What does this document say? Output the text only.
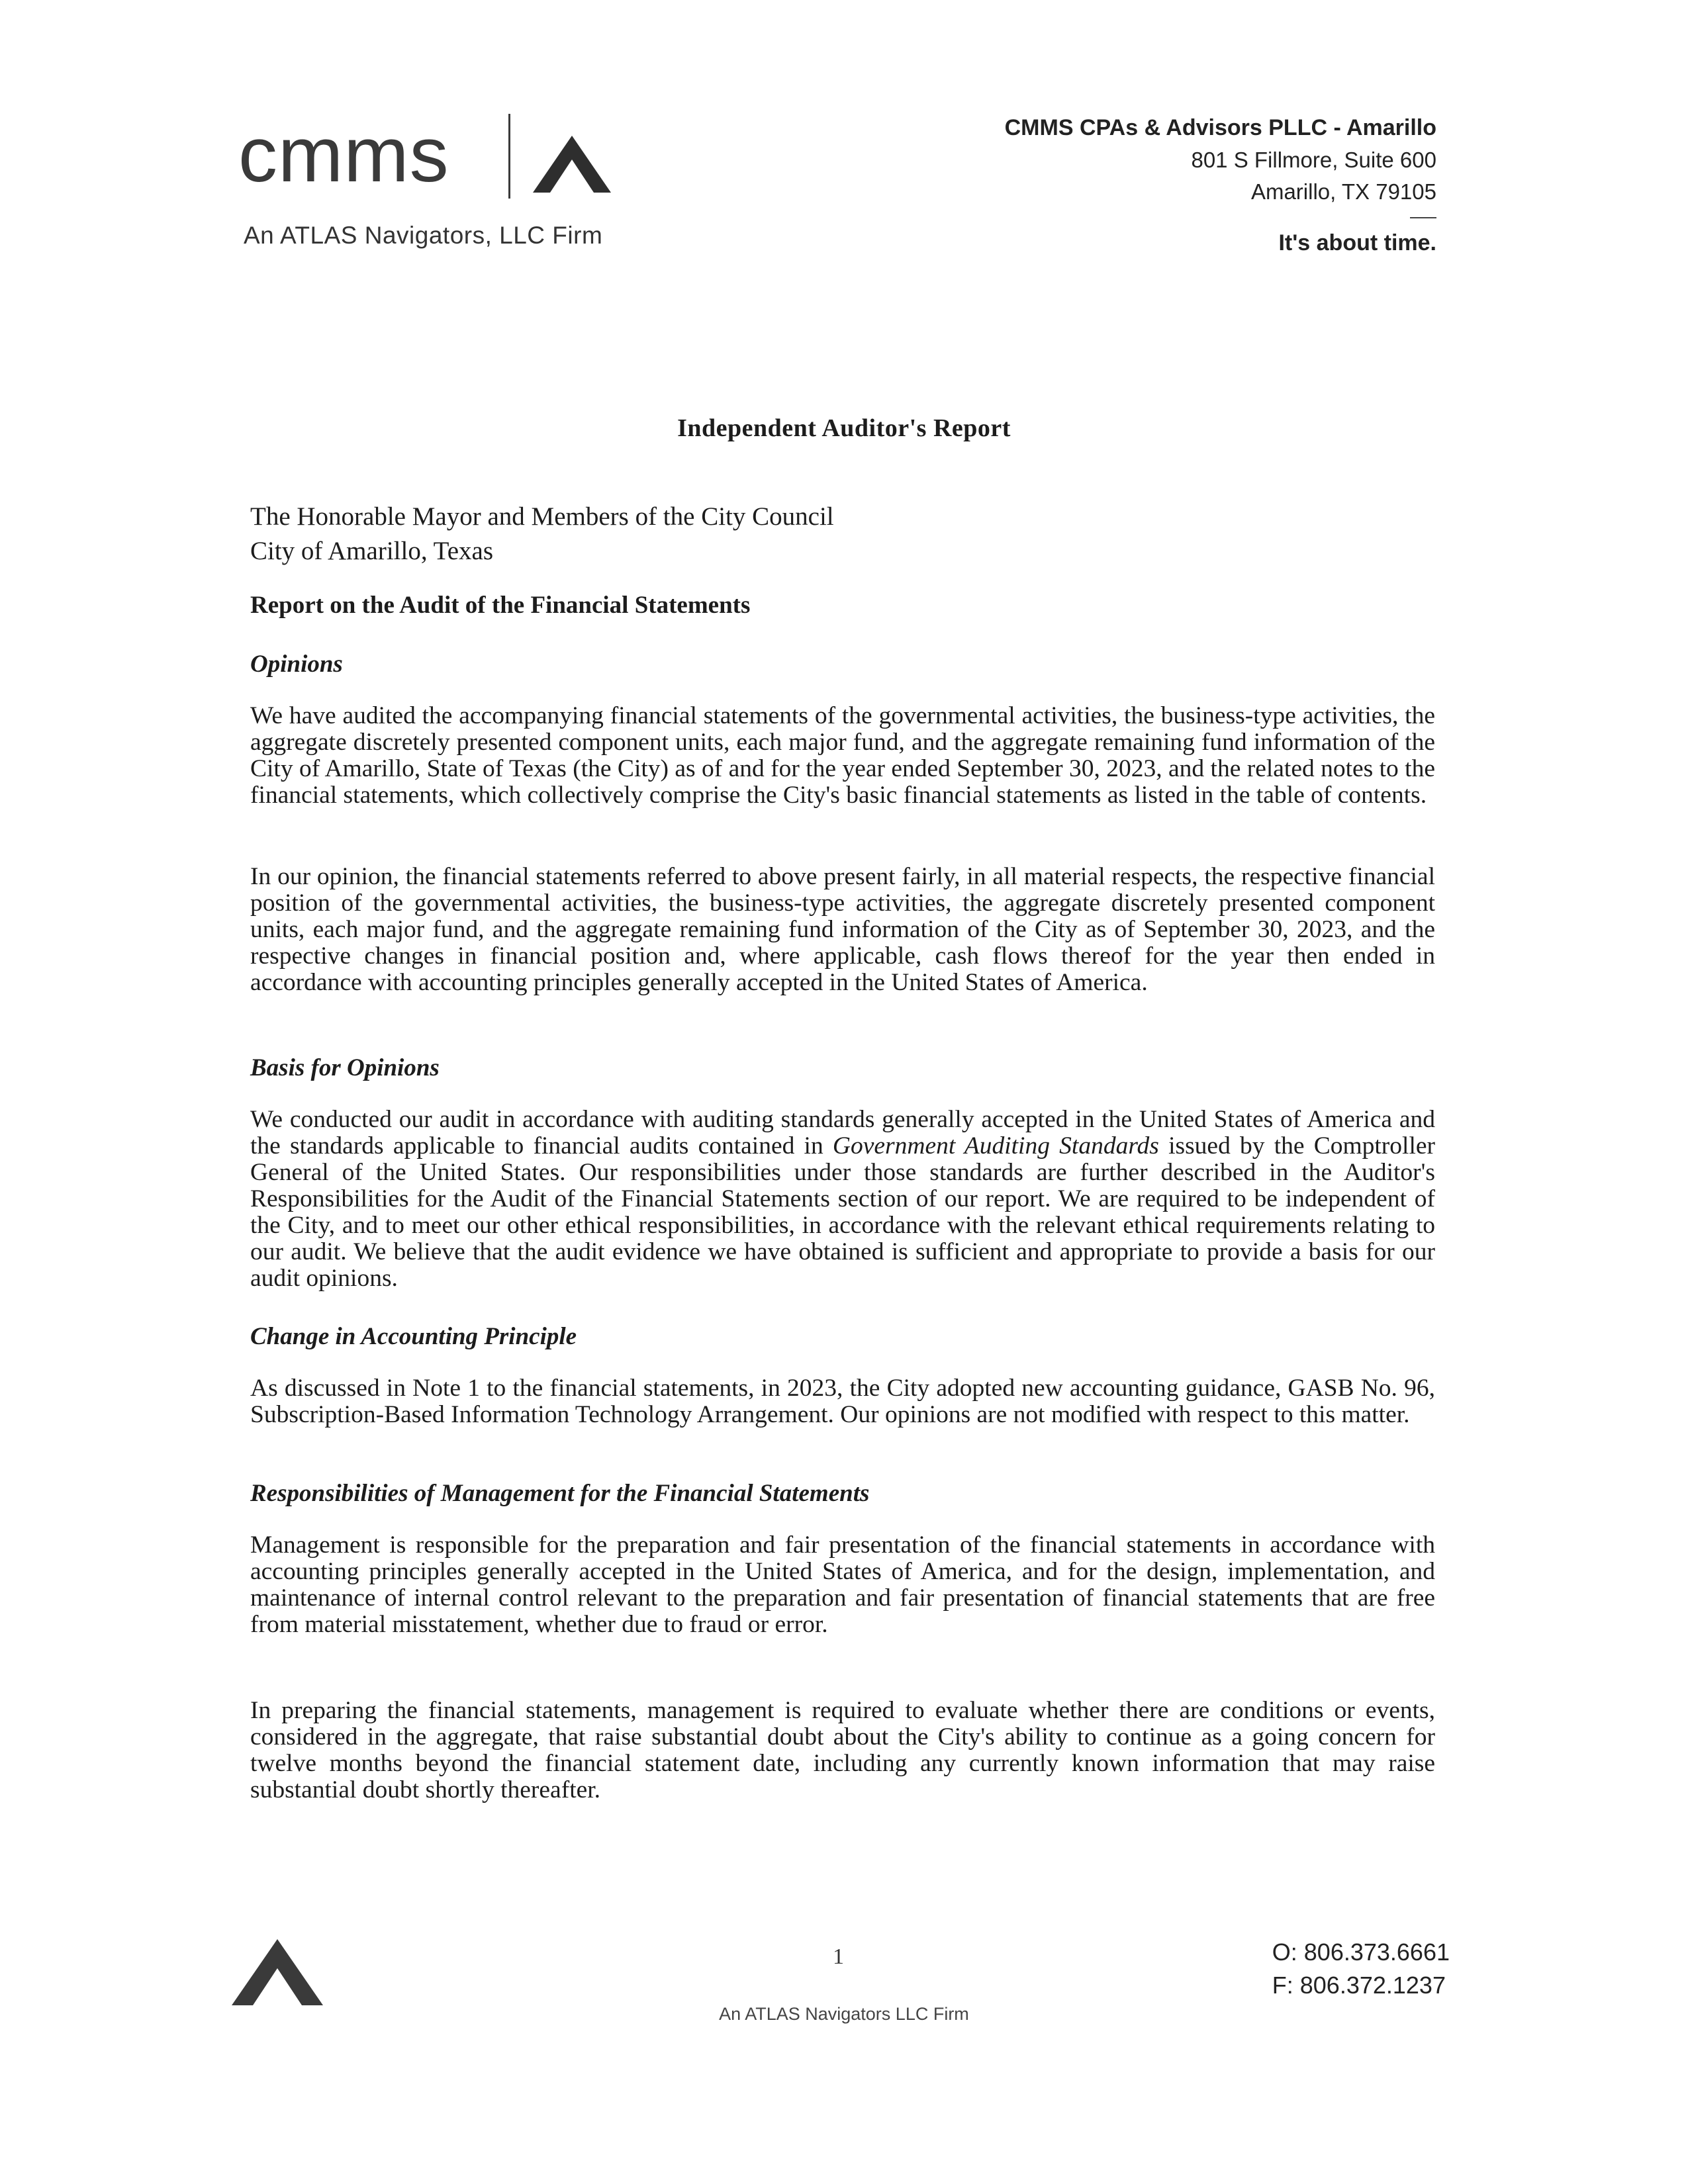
cmms
An ATLAS Navigators, LLC Firm
CMMS CPAs & Advisors PLLC - Amarillo
801 S Fillmore, Suite 600
Amarillo, TX 79105
It's about time.
Independent Auditor's Report
The Honorable Mayor and Members of the City Council
City of Amarillo, Texas
Report on the Audit of the Financial Statements
Opinions

We have audited the accompanying financial statements of the governmental activities, the business-type activities, the aggregate discretely presented component units, each major fund, and the aggregate remaining fund information of the City of Amarillo, State of Texas (the City) as of and for the year ended September 30, 2023, and the related notes to the financial statements, which collectively comprise the City's basic financial statements as listed in the table of contents.

In our opinion, the financial statements referred to above present fairly, in all material respects, the respective financial position of the governmental activities, the business-type activities, the aggregate discretely presented component units, each major fund, and the aggregate remaining fund information of the City as of September 30, 2023, and the respective changes in financial position and, where applicable, cash flows thereof for the year then ended in accordance with accounting principles generally accepted in the United States of America.

Basis for Opinions

We conducted our audit in accordance with auditing standards generally accepted in the United States of America and the standards applicable to financial audits contained in Government Auditing Standards issued by the Comptroller General of the United States. Our responsibilities under those standards are further described in the Auditor's Responsibilities for the Audit of the Financial Statements section of our report. We are required to be independent of the City, and to meet our other ethical responsibilities, in accordance with the relevant ethical requirements relating to our audit. We believe that the audit evidence we have obtained is sufficient and appropriate to provide a basis for our audit opinions.

Change in Accounting Principle

As discussed in Note 1 to the financial statements, in 2023, the City adopted new accounting guidance, GASB No. 96, Subscription-Based Information Technology Arrangement. Our opinions are not modified with respect to this matter.

Responsibilities of Management for the Financial Statements

Management is responsible for the preparation and fair presentation of the financial statements in accordance with accounting principles generally accepted in the United States of America, and for the design, implementation, and maintenance of internal control relevant to the preparation and fair presentation of financial statements that are free from material misstatement, whether due to fraud or error.

In preparing the financial statements, management is required to evaluate whether there are conditions or events, considered in the aggregate, that raise substantial doubt about the City's ability to continue as a going concern for twelve months beyond the financial statement date, including any currently known information that may raise substantial doubt shortly thereafter.

1	O: 806.373.6661
F: 806.372.1237
An ATLAS Navigators LLC Firm
